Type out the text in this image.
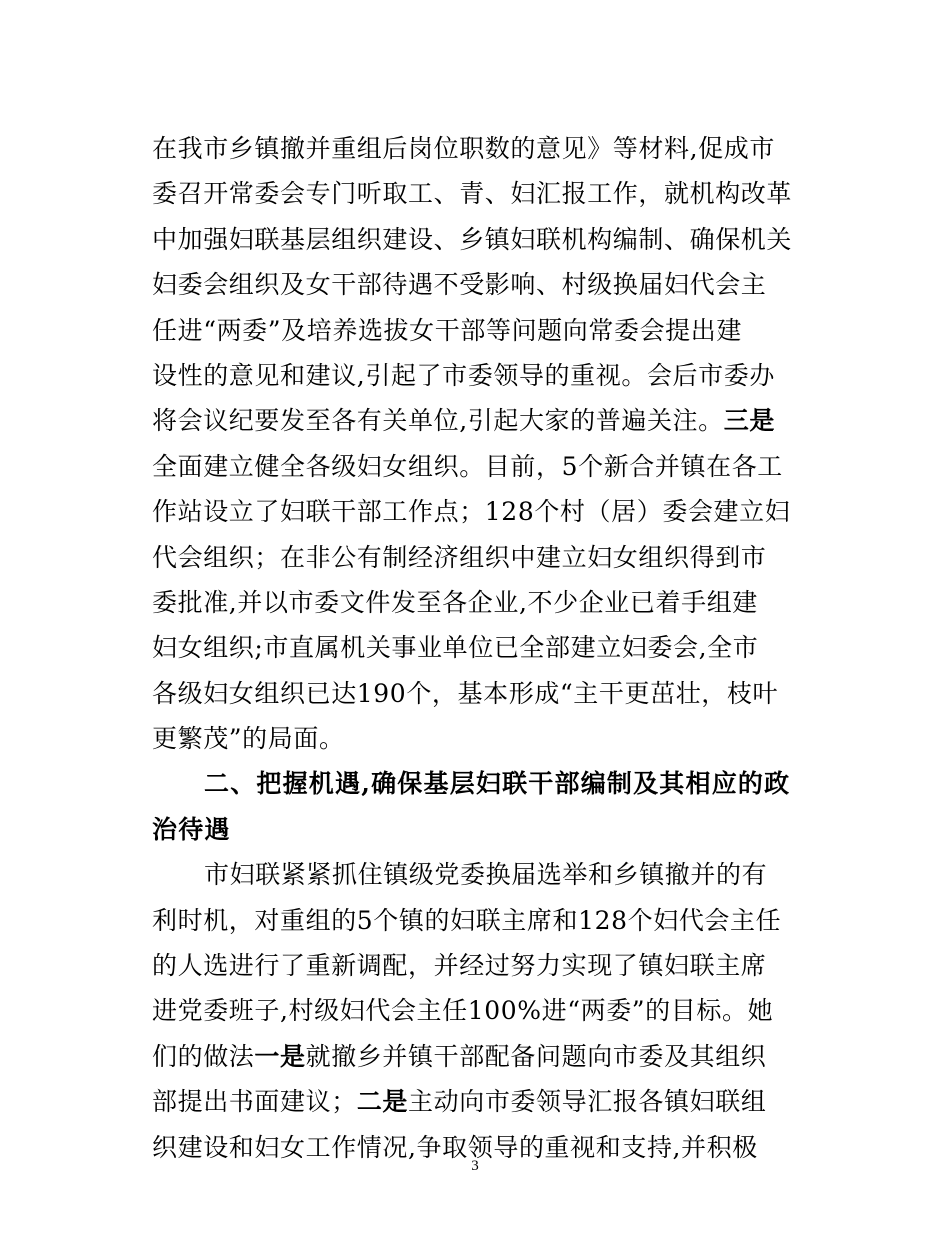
在我市乡镇撤并重组后岗位职数的意见》等材料,促成市
委召开常委会专门听取工、青、妇汇报工作，就机构改革
中加强妇联基层组织建设、乡镇妇联机构编制、确保机关
妇委会组织及女干部待遇不受影响、村级换届妇代会主
任进“两委”及培养选拔女干部等问题向常委会提出建
设性的意见和建议,引起了市委领导的重视。会后市委办
将会议纪要发至各有关单位,引起大家的普遍关注。三是
全面建立健全各级妇女组织。目前，5个新合并镇在各工
作站设立了妇联干部工作点；128个村（居）委会建立妇
代会组织；在非公有制经济组织中建立妇女组织得到市
委批准,并以市委文件发至各企业,不少企业已着手组建
妇女组织;市直属机关事业单位已全部建立妇委会,全市
各级妇女组织已达190个，基本形成“主干更茁壮，枝叶
更繁茂”的局面。
二、把握机遇,确保基层妇联干部编制及其相应的政
治待遇
市妇联紧紧抓住镇级党委换届选举和乡镇撤并的有
利时机，对重组的5个镇的妇联主席和128个妇代会主任
的人选进行了重新调配，并经过努力实现了镇妇联主席
进党委班子,村级妇代会主任100%进“两委”的目标。她
们的做法一是就撤乡并镇干部配备问题向市委及其组织
部提出书面建议；二是主动向市委领导汇报各镇妇联组
织建设和妇女工作情况,争取领导的重视和支持,并积极
3
